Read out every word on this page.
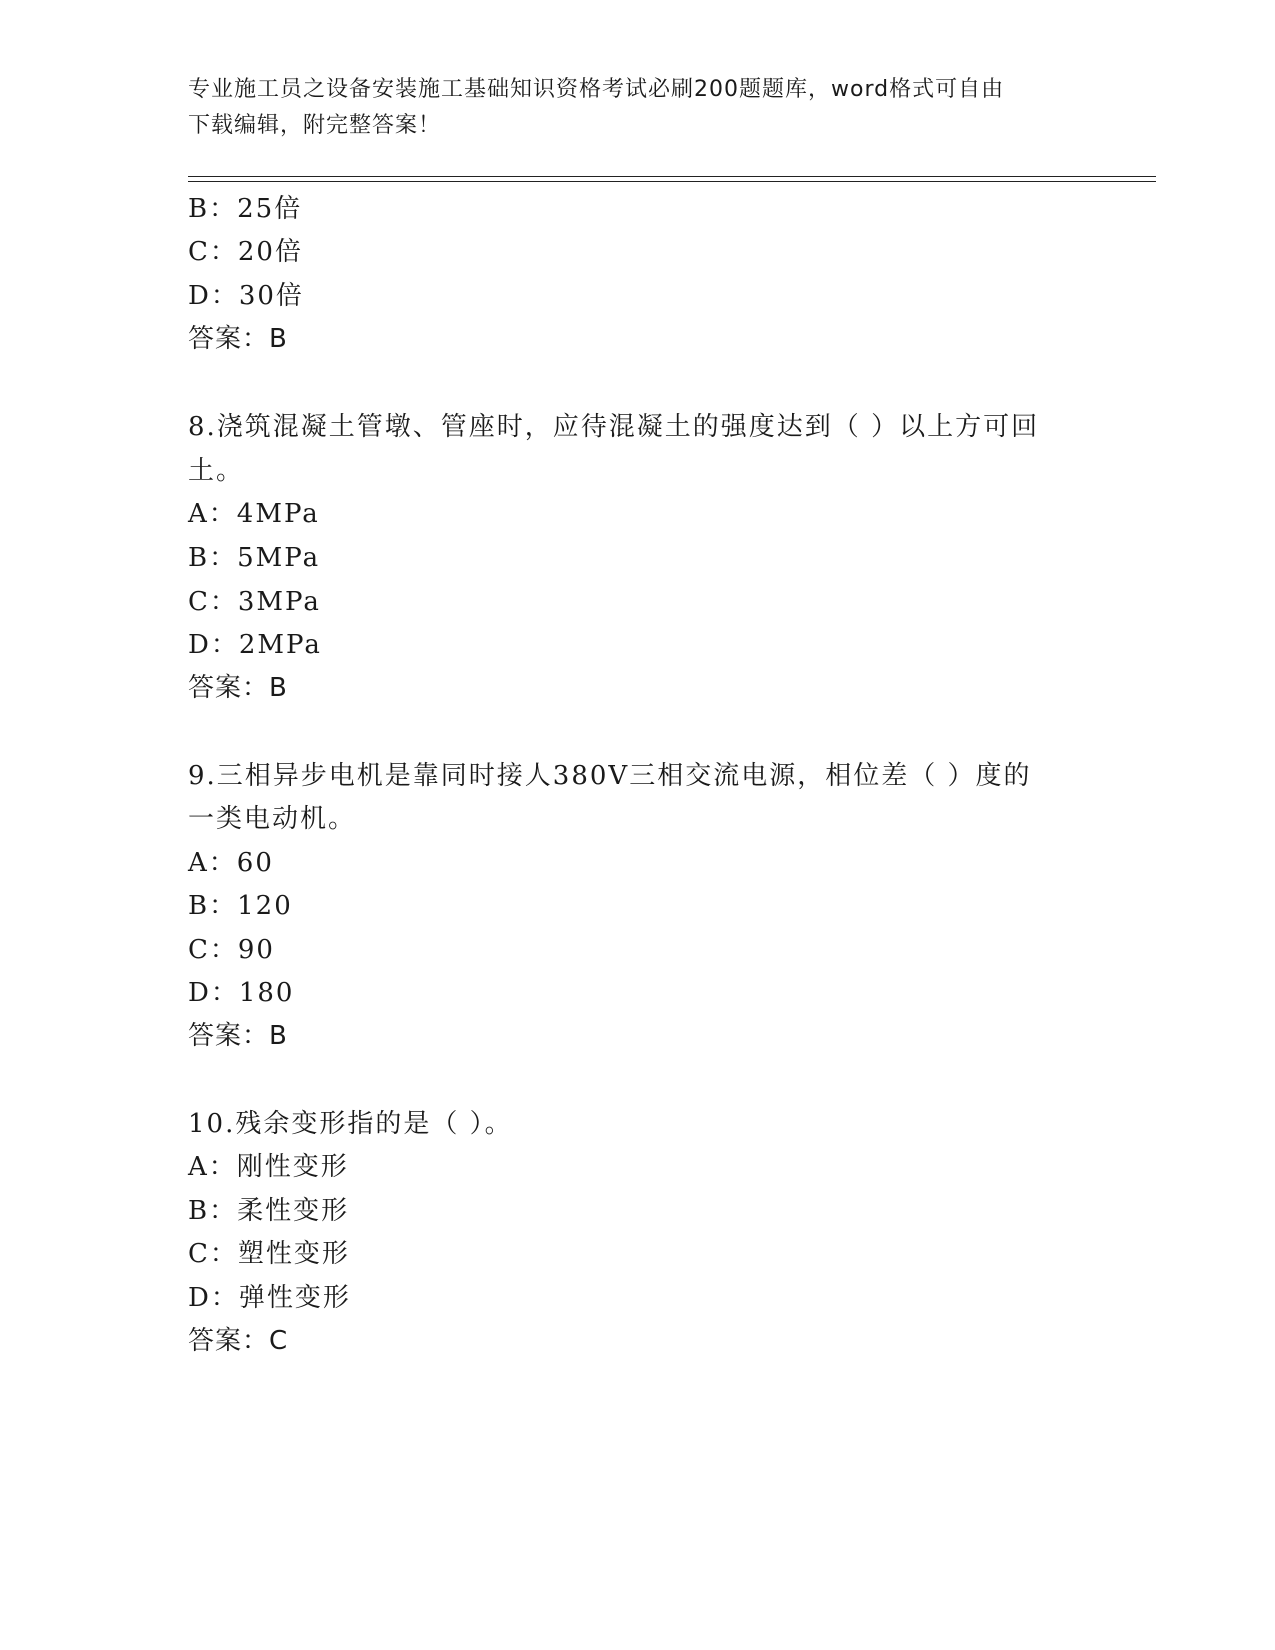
专业施工员之设备安装施工基础知识资格考试必刷200题题库，word格式可自由
下载编辑，附完整答案！
B：25倍
C：20倍
D：30倍
答案：B
8.浇筑混凝土管墩、管座时，应待混凝土的强度达到（ ）以上方可回
土。
A：4MPa
B：5MPa
C：3MPa
D：2MPa
答案：B
9.三相异步电机是靠同时接人380V三相交流电源，相位差（ ）度的
一类电动机。
A：60
B：120
C：90
D：180
答案：B
10.残余变形指的是（ ）。
A：刚性变形
B：柔性变形
C：塑性变形
D：弹性变形
答案：C
